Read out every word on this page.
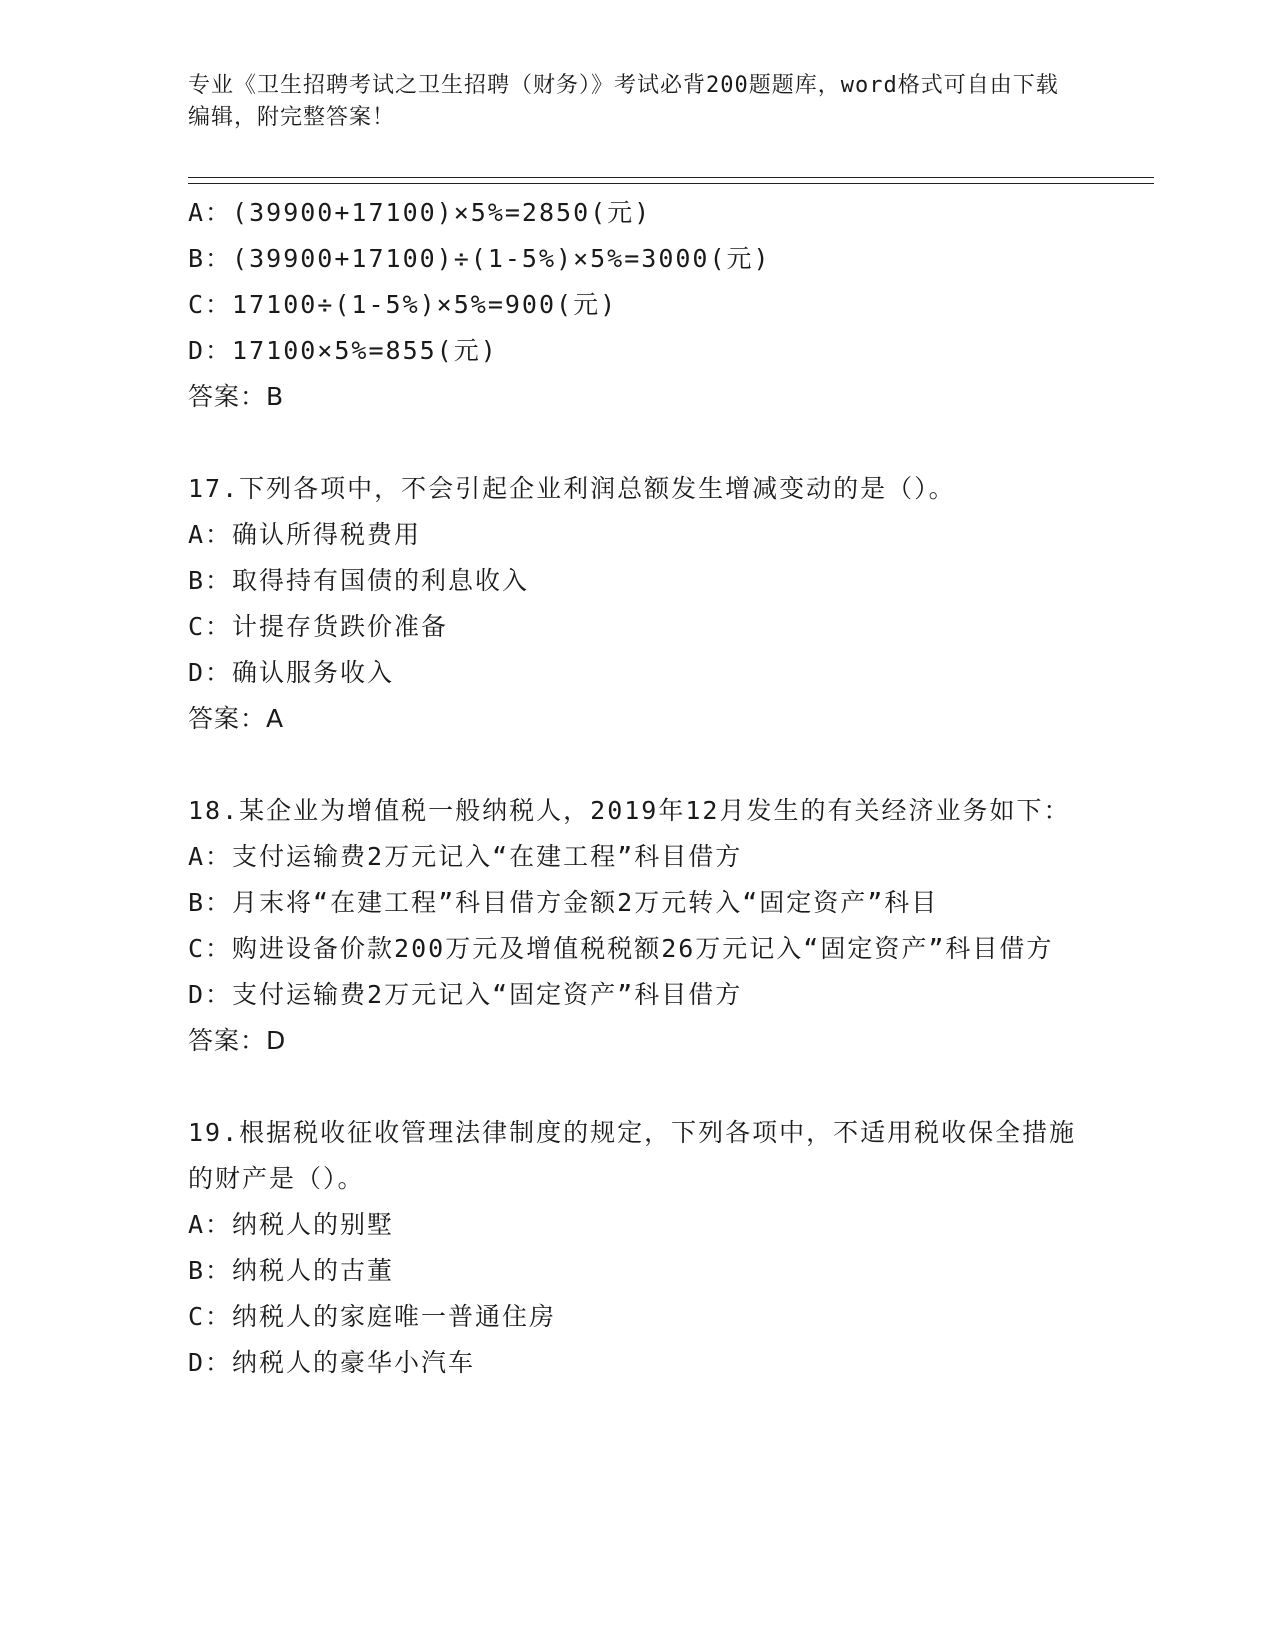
专业《卫生招聘考试之卫生招聘（财务）》考试必背200题题库，word格式可自由下载编辑，附完整答案！
A：(39900+17100)×5%=2850(元)
B：(39900+17100)÷(1-5%)×5%=3000(元)
C：17100÷(1-5%)×5%=900(元)
D：17100×5%=855(元)
答案：B
17.下列各项中，不会引起企业利润总额发生增减变动的是（）。
A：确认所得税费用
B：取得持有国债的利息收入
C：计提存货跌价准备
D：确认服务收入
答案：A
18.某企业为增值税一般纳税人，2019年12月发生的有关经济业务如下：
A：支付运输费2万元记入“在建工程”科目借方
B：月末将“在建工程”科目借方金额2万元转入“固定资产”科目
C：购进设备价款200万元及增值税税额26万元记入“固定资产”科目借方
D：支付运输费2万元记入“固定资产”科目借方
答案：D
19.根据税收征收管理法律制度的规定，下列各项中，不适用税收保全措施的财产是（）。
A：纳税人的别墅
B：纳税人的古董
C：纳税人的家庭唯一普通住房
D：纳税人的豪华小汽车
